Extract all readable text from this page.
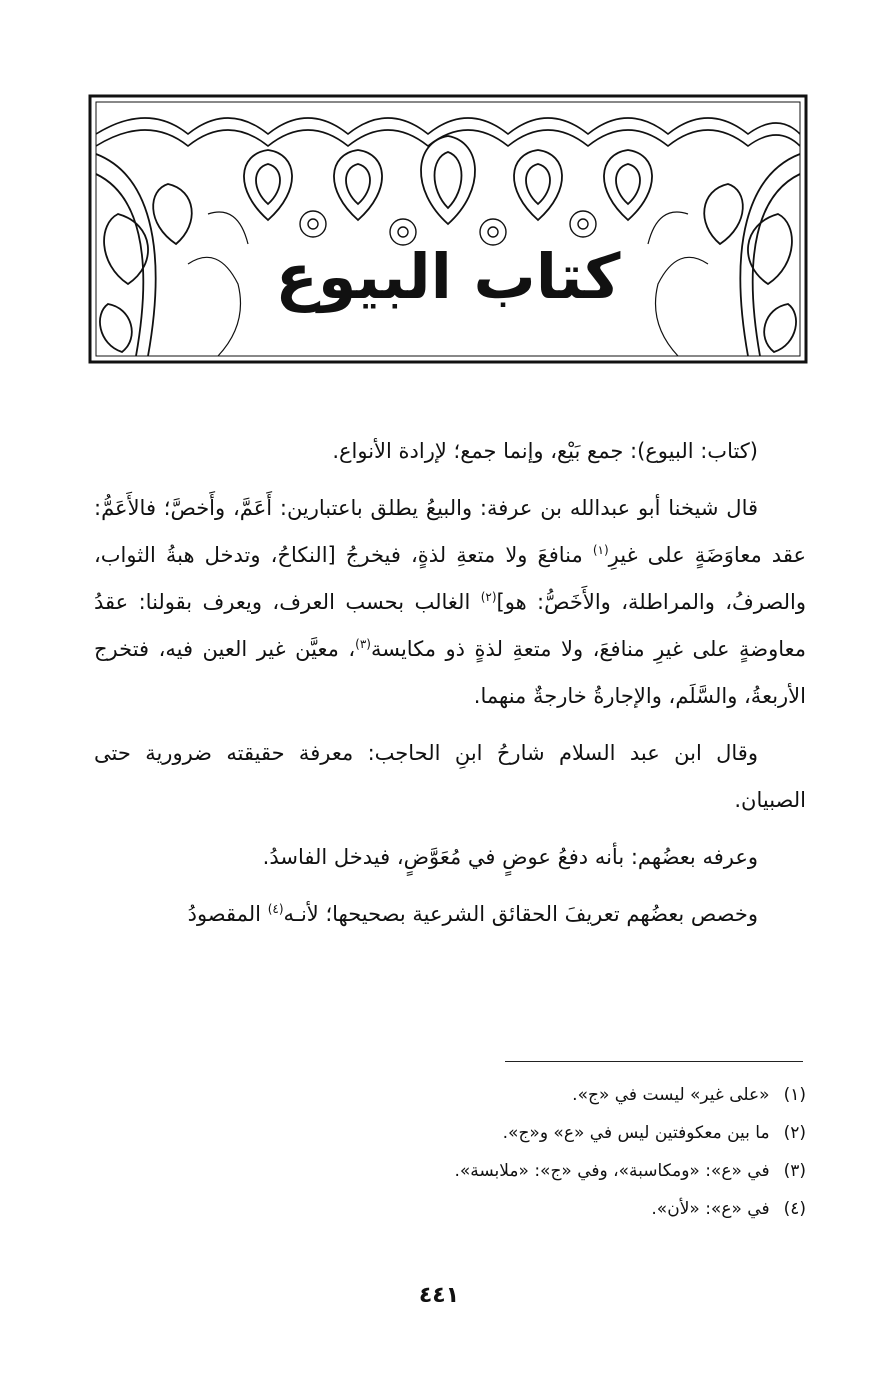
كتاب البيوع

(كتاب: البيوع): جمع بَيْع، وإنما جمع؛ لإرادة الأنواع.

قال شيخنا أبو عبدالله بن عرفة: والبيعُ يطلق باعتبارين: أَعَمَّ، وأَخصَّ؛ فالأَعَمُّ: عقد معاوَضَةٍ على غيرِ$^{(١)}$ منافعَ ولا متعةِ لذةٍ، فيخرجُ [النكاحُ، وتدخل هبةُ الثواب، والصرفُ، والمراطلة، والأَخَصُّ: هو]$^{(٢)}$ الغالب بحسب العرف، ويعرف بقولنا: عقدُ معاوضةٍ على غيرِ منافعَ، ولا متعةِ لذةٍ ذو مكايسة$^{(٣)}$، معيَّن غير العين فيه، فتخرج الأربعةُ، والسَّلَم، والإجارةُ خارجةٌ منهما.

وقال ابن عبد السلام شارحُ ابنِ الحاجب: معرفة حقيقته ضرورية حتى الصبيان.

وعرفه بعضُهم: بأنه دفعُ عوضٍ في مُعَوَّضٍ، فيدخل الفاسدُ.

وخصص بعضُهم تعريفَ الحقائق الشرعية بصحيحها؛ لأنـه$^{(٤)}$ المقصودُ

(١)«على غير» ليست في «ج».
(٢)ما بين معكوفتين ليس في «ع» و«ج».
(٣)في «ع»: «ومكاسبة»، وفي «ج»: «ملابسة».
(٤)في «ع»: «لأن».
٤٤١
